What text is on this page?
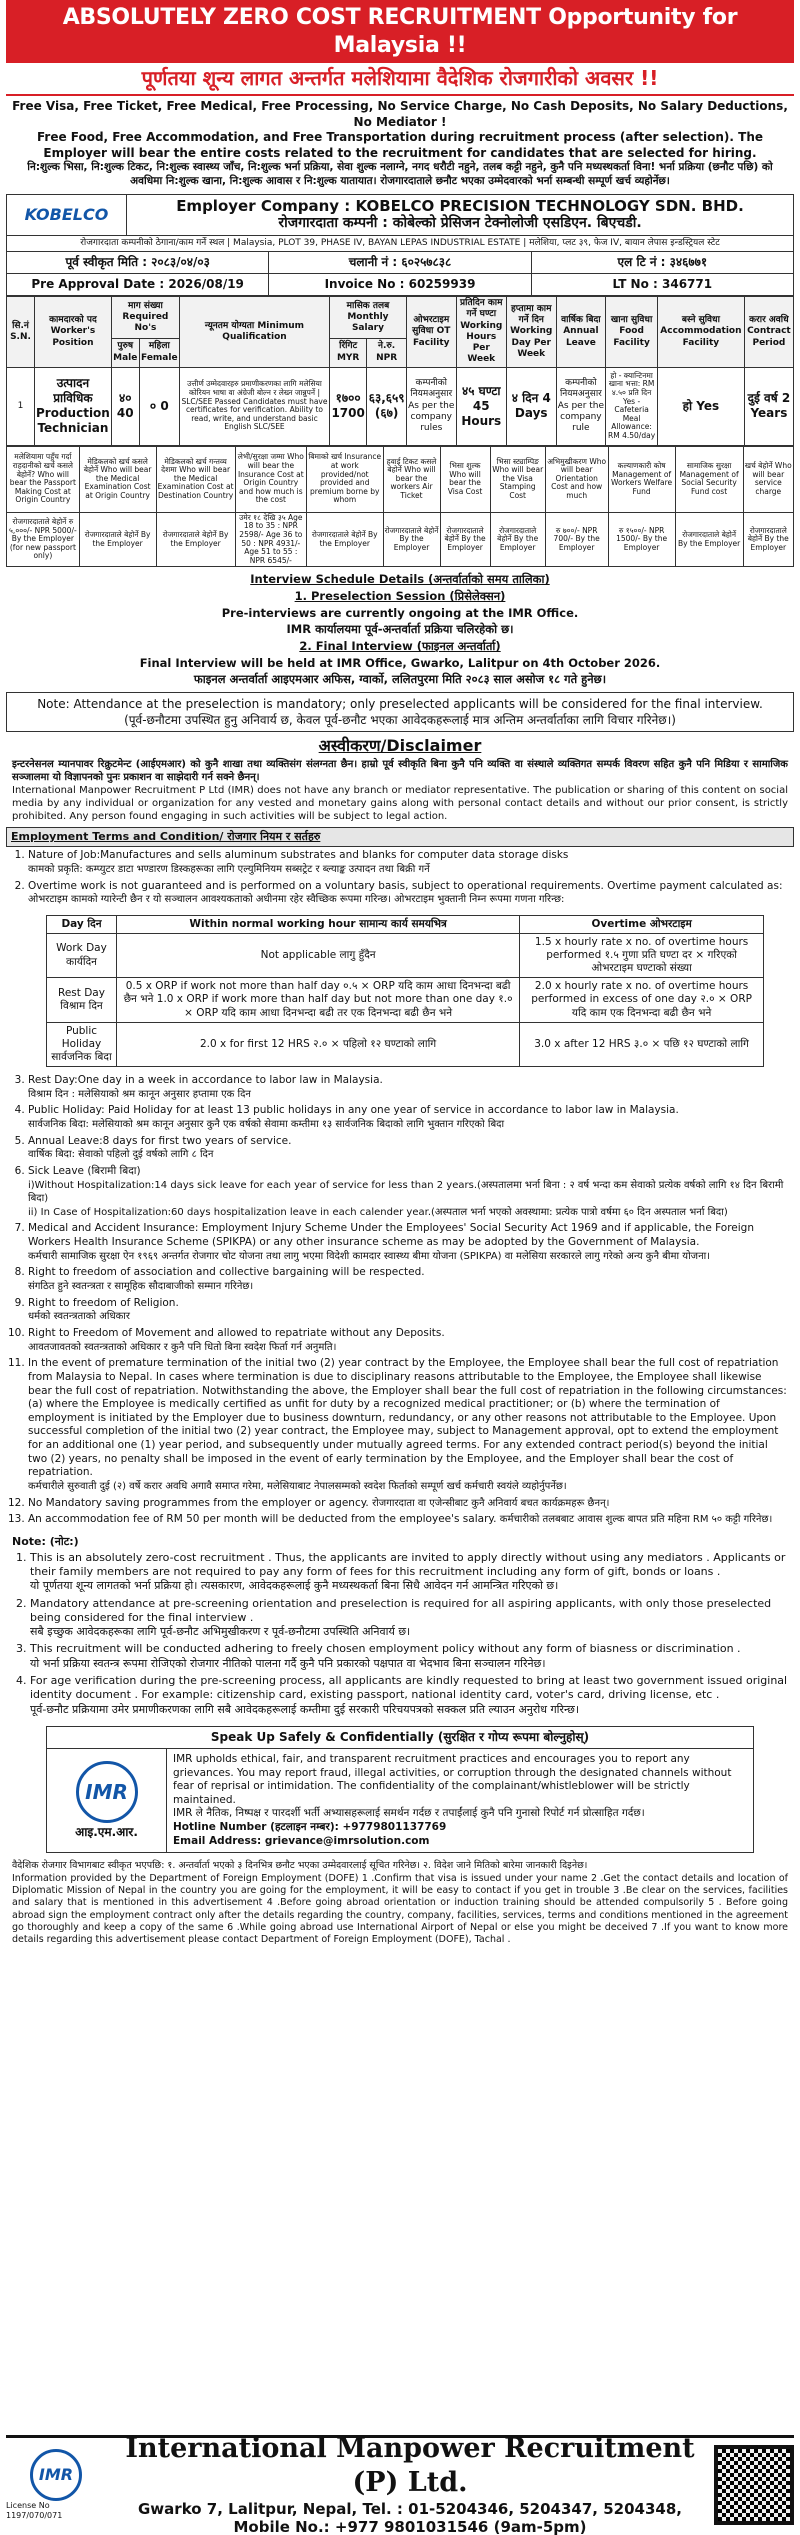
ABSOLUTELY ZERO COST RECRUITMENT Opportunity for Malaysia !!
पूर्णतया शून्य लागत अन्तर्गत मलेशियामा वैदेशिक रोजगारीको अवसर !!
Free Visa, Free Ticket, Free Medical, Free Processing, No Service Charge, No Cash Deposits, No Salary Deductions, No Mediator !
Free Food, Free Accommodation, and Free Transportation during recruitment process (after selection). The
Employer will bear the entire costs related to the recruitment for candidates that are selected for hiring.
नि:शुल्क भिसा, नि:शुल्क टिकट, नि:शुल्क स्वास्थ्य जाँच, नि:शुल्क भर्ना प्रक्रिया, सेवा शुल्क नलाग्ने, नगद धरौटी नहुने, तलब कट्टी नहुने, कुनै पनि मध्यस्थकर्ता विना! भर्ना प्रक्रिया (छनौट पछि) को अवधिमा नि:शुल्क खाना, नि:शुल्क आवास र नि:शुल्क यातायात। रोजगारदाताले छनौट भएका उम्मेदवारको भर्ना सम्बन्धी सम्पूर्ण खर्च व्यहोर्नेछ।
KOBELCO	Employer Company : KOBELCO PRECISION TECHNOLOGY SDN. BHD.
रोजगारदाता कम्पनी : कोबेल्को प्रेसिजन टेक्नोलोजी एसडिएन. बिएचडी.
रोजगारदाता कम्पनीको ठेगाना/काम गर्ने स्थल | Malaysia, PLOT 39, PHASE IV, BAYAN LEPAS INDUSTRIAL ESTATE | मलेशिया, प्लट ३९, फेज IV, बायान लेपास इन्डस्ट्रियल स्टेट
पूर्व स्वीकृत मिति : २०८३/०४/०३	चलानी नं : ६०२५७८३८	एल टि नं : ३४६७७१
Pre Approval Date : 2026/08/19	Invoice No : 60259939	LT No : 346771
सि.नं S.N.	कामदारको पद Worker's Position	माग संख्या Required No's		न्यूनतम योग्यता Minimum Qualification	मासिक तलब Monthly Salary		ओभरटाइम सुविधा OT Facility	प्रतिदिन काम गर्ने घण्टा Working Hours Per Week	हप्तामा काम गर्ने दिन Working Day Per Week	वार्षिक बिदा Annual Leave	खाना सुविधा Food Facility	बस्ने सुविधा Accommodation Facility	करार अवधि Contract Period
		पुरुष Male	महिला Female		रिंगिट MYR	ने.रु. NPR							
1	उत्पादन प्राविधिक Production Technician	४० 40	० 0	उत्तीर्ण उम्मेदवारहरु प्रमाणीकरणका लागि मलेसिया कोरियन भाषा वा अंग्रेजी बोल्न र लेख्न जान्नुपर्ने | SLC/SEE Passed Candidates must have certificates for verification. Ability to read, write, and understand basic English SLC/SEE	१७०० 1700	६३,६५९ (६७)	कम्पनीको नियमअनुसार As per the company rules	४५ घण्टा 45 Hours	४ दिन 4 Days	कम्पनीको नियमअनुसार As per the company rule	हो - क्यान्टिनमा खाना भत्ता: RM ४.५० प्रति दिन Yes - Cafeteria Meal Allowance: RM 4.50/day	हो Yes	दुई वर्ष 2 Years
मलेशियामा पहुँच गर्दा राहदानीको खर्च कसले बेहोर्ने? Who will bear the Passport Making Cost at Origin Country	मेडिकलको खर्च कसले बेहोर्ने Who will bear the Medical Examination Cost at Origin Country	मेडिकलको खर्च गन्तव्य देशमा Who will bear the Medical Examination Cost at Destination Country	लेभी/सुरक्षा जम्मा Who will bear the Insurance Cost at Origin Country and how much is the cost	बिमाको खर्च Insurance at work provided/not provided and premium borne by whom	हवाई टिकट कसले बेहोर्ने Who will bear the workers Air Ticket	भिसा शुल्क Who will bear the Visa Cost	भिसा स्ट्याम्पिङ Who will bear the Visa Stamping Cost	अभिमुखीकरण Who will bear Orientation Cost and how much	कल्याणकारी कोष Management of Workers Welfare Fund	सामाजिक सुरक्षा Management of Social Security Fund cost	खर्च बेहोर्ने Who will bear service charge
रोजगारदाताले बेहोर्ने रु ५,०००/- NPR 5000/- By the Employer (for new passport only)	रोजगारदाताले बेहोर्ने By the Employer	रोजगारदाताले बेहोर्ने By the Employer	उमेर १८ देखि ३५ Age 18 to 35 : NPR 2598/- Age 36 to 50 : NPR 4931/- Age 51 to 55 : NPR 6545/-	रोजगारदाताले बेहोर्ने By the Employer	रोजगारदाताले बेहोर्ने By the Employer	रोजगारदाताले बेहोर्ने By the Employer	रोजगारदाताले बेहोर्ने By the Employer	रु ७००/- NPR 700/- By the Employer	रु १५००/- NPR 1500/- By the Employer	रोजगारदाताले बेहोर्ने By the Employer	रोजगारदाताले बेहोर्ने By the Employer
Interview Schedule Details (अन्तर्वार्ताको समय तालिका)
1. Preselection Session (प्रिसेलेक्सन)
Pre-interviews are currently ongoing at the IMR Office.
IMR कार्यालयमा पूर्व-अन्तर्वार्ता प्रक्रिया चलिरहेको छ।
2. Final Interview (फाइनल अन्तर्वार्ता)
Final Interview will be held at IMR Office, Gwarko, Lalitpur on 4th October 2026.
फाइनल अन्तर्वार्ता आइएमआर अफिस, ग्वार्को, ललितपुरमा मिति २०८३ साल असोज १८ गते हुनेछ।
Note: Attendance at the preselection is mandatory; only preselected applicants will be considered for the final interview.
(पूर्व-छनौटमा उपस्थित हुनु अनिवार्य छ, केवल पूर्व-छनौट भएका आवेदकहरूलाई मात्र अन्तिम अन्तर्वार्ताका लागि विचार गरिनेछ।)
अस्वीकरण/Disclaimer
इन्टरनेसनल म्यानपावर रिक्रुटमेन्ट (आईएमआर) को कुनै शाखा तथा व्यक्तिसंग संलग्नता छैन। हाम्रो पूर्व स्वीकृति बिना कुनै पनि व्यक्ति वा संस्थाले व्यक्तिगत सम्पर्क विवरण सहित कुनै पनि मिडिया र सामाजिक सञ्जालमा यो विज्ञापनको पुनः प्रकाशन वा साझेदारी गर्न सक्ने छैनन्।
International Manpower Recruitment P Ltd (IMR) does not have any branch or mediator representative. The publication or sharing of this content on social media by any individual or organization for any vested and monetary gains along with personal contact details and without our prior consent, is strictly prohibited. Any person found engaging in such activities will be subject to legal action.
Employment Terms and Condition/ रोजगार नियम र सर्तहरु
1. Nature of Job:Manufactures and sells aluminum substrates and blanks for computer data storage disks
कामको प्रकृति: कम्प्युटर डाटा भण्डारण डिस्कहरूका लागि एल्युमिनियम सब्सट्रेट र ब्ल्याङ्क उत्पादन तथा बिक्री गर्ने
2. Overtime work is not guaranteed and is performed on a voluntary basis, subject to operational requirements. Overtime payment calculated as:
ओभरटाइम कामको ग्यारेन्टी छैन र यो सञ्चालन आवश्यकताको अधीनमा रहेर स्वैच्छिक रूपमा गरिन्छ। ओभरटाइम भुक्तानी निम्न रूपमा गणना गरिन्छ:
Day दिन	Within normal working hour सामान्य कार्य समयभित्र	Overtime ओभरटाइम
Work Day कार्यदिन	Not applicable लागु हुँदैन	1.5 x hourly rate x no. of overtime hours performed १.५ गुणा प्रति घण्टा दर × गरिएको ओभरटाइम घण्टाको संख्या
Rest Day विश्राम दिन	0.5 x ORP if work not more than half day ०.५ × ORP यदि काम आधा दिनभन्दा बढी छैन भने 1.0 x ORP if work more than half day but not more than one day १.० × ORP यदि काम आधा दिनभन्दा बढी तर एक दिनभन्दा बढी छैन भने	2.0 x hourly rate x no. of overtime hours performed in excess of one day २.० × ORP यदि काम एक दिनभन्दा बढी छैन भने
Public Holiday सार्वजनिक बिदा	2.0 x for first 12 HRS २.० × पहिलो १२ घण्टाको लागि	3.0 x after 12 HRS ३.० × पछि १२ घण्टाको लागि
3. Rest Day:One day in a week in accordance to labor law in Malaysia.
विश्राम दिन : मलेसियाको श्रम कानून अनुसार हप्तामा एक दिन
4. Public Holiday: Paid Holiday for at least 13 public holidays in any one year of service in accordance to labor law in Malaysia.
सार्वजनिक बिदा: मलेसियाको श्रम कानून अनुसार कुनै एक वर्षको सेवामा कम्तीमा १३ सार्वजनिक बिदाको लागि भुक्तान गरिएको बिदा
5. Annual Leave:8 days for first two years of service.
वार्षिक बिदा: सेवाको पहिलो दुई वर्षको लागि ८ दिन
6. Sick Leave (बिरामी बिदा)
i)Without Hospitalization:14 days sick leave for each year of service for less than 2 years.(अस्पतालमा भर्ना बिना : २ वर्ष भन्दा कम सेवाको प्रत्येक वर्षको लागि १४ दिन बिरामी बिदा)
ii) In Case of Hospitalization:60 days hospitalization leave in each calender year.(अस्पताल भर्ना भएको अवस्थामा: प्रत्येक पात्रो वर्षमा ६० दिन अस्पताल भर्ना बिदा)
7. Medical and Accident Insurance: Employment Injury Scheme Under the Employees' Social Security Act 1969 and if applicable, the Foreign Workers Health Insurance Scheme (SPIKPA) or any other insurance scheme as may be adopted by the Government of Malaysia.
कर्मचारी सामाजिक सुरक्षा ऐन १९६९ अन्तर्गत रोजगार चोट योजना तथा लागु भएमा विदेशी कामदार स्वास्थ्य बीमा योजना (SPIKPA) वा मलेसिया सरकारले लागु गरेको अन्य कुनै बीमा योजना।
8. Right to freedom of association and collective bargaining will be respected.
संगठित हुने स्वतन्त्रता र सामूहिक सौदाबाजीको सम्मान गरिनेछ।
9. Right to freedom of Religion.
धर्मको स्वतन्त्रताको अधिकार
10. Right to Freedom of Movement and allowed to repatriate without any Deposits.
आवतजावतको स्वतन्त्रताको अधिकार र कुनै पनि धितो बिना स्वदेश फिर्ता गर्न अनुमति।
11. In the event of premature termination of the initial two (2) year contract by the Employee, the Employee shall bear the full cost of repatriation from Malaysia to Nepal. In cases where termination is due to disciplinary reasons attributable to the Employee, the Employee shall likewise bear the full cost of repatriation. Notwithstanding the above, the Employer shall bear the full cost of repatriation in the following circumstances: (a) where the Employee is medically certified as unfit for duty by a recognized medical practitioner; or (b) where the termination of employment is initiated by the Employer due to business downturn, redundancy, or any other reasons not attributable to the Employee. Upon successful completion of the initial two (2) year contract, the Employee may, subject to Management approval, opt to extend the employment for an additional one (1) year period, and subsequently under mutually agreed terms. For any extended contract period(s) beyond the initial two (2) years, no penalty shall be imposed in the event of early termination by the Employee, and the Employer shall bear the cost of repatriation.
कर्मचारीले सुरुवाती दुई (२) वर्षे करार अवधि अगावै समाप्त गरेमा, मलेसियाबाट नेपालसम्मको स्वदेश फिर्ताको सम्पूर्ण खर्च कर्मचारी स्वयंले व्यहोर्नुपर्नेछ।
12. No Mandatory saving programmes from the employer or agency. रोजगारदाता वा एजेन्सीबाट कुनै अनिवार्य बचत कार्यक्रमहरू छैनन्।
13. An accommodation fee of RM 50 per month will be deducted from the employee's salary. कर्मचारीको तलबबाट आवास शुल्क बापत प्रति महिना RM ५० कट्टी गरिनेछ।
Note: (नोट:)
1. This is an absolutely zero-cost recruitment . Thus, the applicants are invited to apply directly without using any mediators . Applicants or their family members are not required to pay any form of fees for this recruitment including any form of gift, bonds or loans .
यो पूर्णतया शून्य लागतको भर्ना प्रक्रिया हो। त्यसकारण, आवेदकहरूलाई कुनै मध्यस्थकर्ता बिना सिधै आवेदन गर्न आमन्त्रित गरिएको छ।
2. Mandatory attendance at pre-screening orientation and preselection is required for all aspiring applicants, with only those preselected being considered for the final interview .
सबै इच्छुक आवेदकहरूका लागि पूर्व-छनौट अभिमुखीकरण र पूर्व-छनौटमा उपस्थिति अनिवार्य छ।
3. This recruitment will be conducted adhering to freely chosen employment policy without any form of biasness or discrimination .
यो भर्ना प्रक्रिया स्वतन्त्र रूपमा रोजिएको रोजगार नीतिको पालना गर्दै कुनै पनि प्रकारको पक्षपात वा भेदभाव बिना सञ्चालन गरिनेछ।
4. For age verification during the pre-screening process, all applicants are kindly requested to bring at least two government issued original identity document . For example: citizenship card, existing passport, national identity card, voter's card, driving license, etc .
पूर्व-छनौट प्रक्रियामा उमेर प्रमाणीकरणका लागि सबै आवेदकहरूलाई कम्तीमा दुई सरकारी परिचयपत्रको सक्कल प्रति ल्याउन अनुरोध गरिन्छ।
Speak Up Safely & Confidentially (सुरक्षित र गोप्य रूपमा बोल्नुहोस्)
IMR
आइ.एम.आर.
IMR upholds ethical, fair, and transparent recruitment practices and encourages you to report any grievances. You may report fraud, illegal activities, or corruption through the designated channels without fear of reprisal or intimidation. The confidentiality of the complainant/whistleblower will be strictly maintained.
IMR ले नैतिक, निष्पक्ष र पारदर्शी भर्ती अभ्यासहरूलाई समर्थन गर्दछ र तपाईंलाई कुनै पनि गुनासो रिपोर्ट गर्न प्रोत्साहित गर्दछ।
Hotline Number (हटलाइन नम्बर): +9779801137769
Email Address: grievance@imrsolution.com
वैदेशिक रोजगार विभागबाट स्वीकृत भएपछि: १. अन्तर्वार्ता भएको ३ दिनभित्र छनौट भएका उम्मेदवारलाई सूचित गरिनेछ। २. विदेश जाने मितिको बारेमा जानकारी दिइनेछ।
Information provided by the Department of Foreign Employment (DOFE) 1 .Confirm that visa is issued under your name 2 .Get the contact details and location of Diplomatic Mission of Nepal in the country you are going for the employment, it will be easy to contact if you get in trouble 3 .Be clear on the services, facilities and salary that is mentioned in this advertisement 4 .Before going abroad orientation or induction training should be attended compulsorily 5 . Before going abroad sign the employment contract only after the details regarding the country, company, facilities, services, terms and conditions mentioned in the agreement go thoroughly and keep a copy of the same 6 .While going abroad use International Airport of Nepal or else you might be deceived 7 .If you want to know more details regarding this advertisement please contact Department of Foreign Employment (DOFE), Tachal .
IMR
License No 1197/070/071
International Manpower Recruitment (P) Ltd.
Gwarko 7, Lalitpur, Nepal, Tel. : 01-5204346, 5204347, 5204348,
Mobile No.: +977 9801031546 (9am-5pm)
